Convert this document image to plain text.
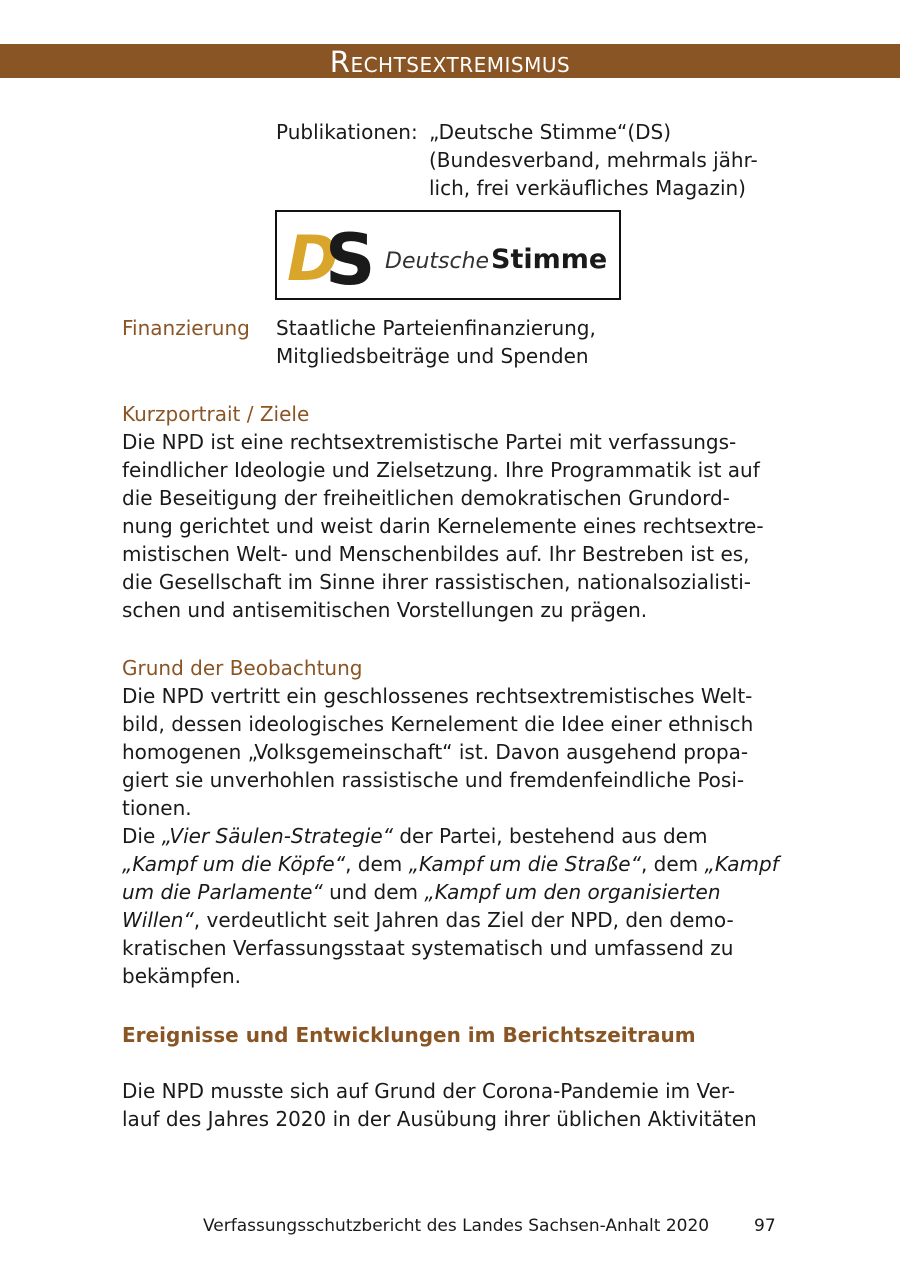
Rechtsextremismus
Publikationen: „Deutsche Stimme“(DS)
(Bundesverband, mehrmals jähr-
lich, frei verkäufliches Magazin)
D
S Deutsche Stimme
Finanzierung Staatliche Parteienfinanzierung,
Mitgliedsbeiträge und Spenden
Kurzportrait / Ziele
Die NPD ist eine rechtsextremistische Partei mit verfassungs-
feindlicher Ideologie und Zielsetzung. Ihre Programmatik ist auf
die Beseitigung der freiheitlichen demokratischen Grundord-
nung gerichtet und weist darin Kernelemente eines rechtsextre-
mistischen Welt- und Menschenbildes auf. Ihr Bestreben ist es,
die Gesellschaft im Sinne ihrer rassistischen, nationalsozialisti-
schen und antisemitischen Vorstellungen zu prägen.
Grund der Beobachtung
Die NPD vertritt ein geschlossenes rechtsextremistisches Welt-
bild, dessen ideologisches Kernelement die Idee einer ethnisch
homogenen „Volksgemeinschaft“ ist. Davon ausgehend propa-
giert sie unverhohlen rassistische und fremdenfeindliche Posi-
tionen.
Die „Vier Säulen-Strategie“ der Partei, bestehend aus dem
„Kampf um die Köpfe“, dem „Kampf um die Straße“, dem „Kampf
um die Parlamente“ und dem „Kampf um den organisierten
Willen“, verdeutlicht seit Jahren das Ziel der NPD, den demo-
kratischen Verfassungsstaat systematisch und umfassend zu
bekämpfen.
Ereignisse und Entwicklungen im Berichtszeitraum
Die NPD musste sich auf Grund der Corona-Pandemie im Ver-
lauf des Jahres 2020 in der Ausübung ihrer üblichen Aktivitäten
Verfassungsschutzbericht des Landes Sachsen-Anhalt 2020	97
